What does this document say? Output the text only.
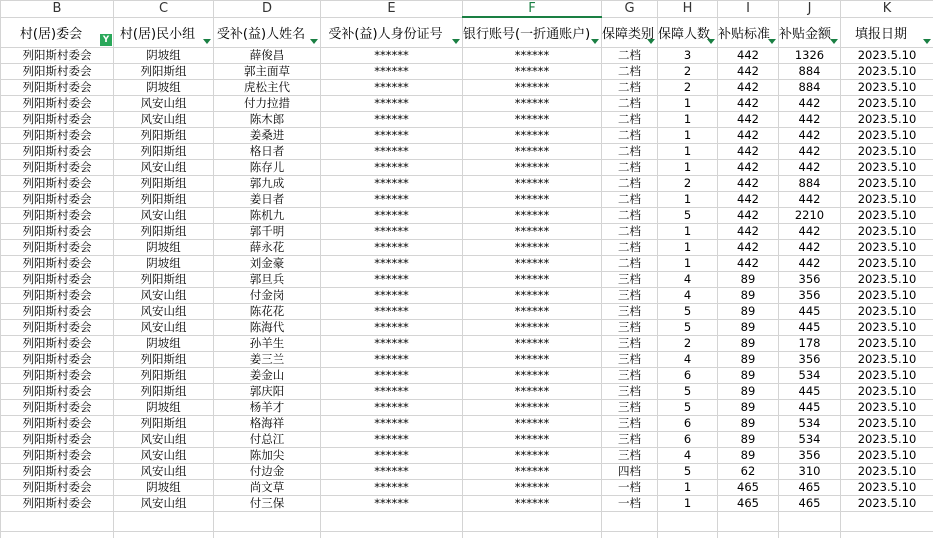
B	C	D	E	F	G	H	I	J	K

村(居)委会 Y	村(居)民小组	受补(益)人姓名	受补(益)人身份证号	银行账号(一折通账户)	保障类别	保障人数	补贴标准	补贴金额	填报日期

列阳斯村委会	阴坡组	薛俊昌	******	******	二档	3	442	1326	2023.5.10
列阳斯村委会	列阳斯组	郭主面草	******	******	二档	2	442	884	2023.5.10
列阳斯村委会	阴坡组	虎松主代	******	******	二档	2	442	884	2023.5.10
列阳斯村委会	风安山组	付力拉措	******	******	二档	1	442	442	2023.5.10
列阳斯村委会	风安山组	陈木郎	******	******	二档	1	442	442	2023.5.10
列阳斯村委会	列阳斯组	姜桑进	******	******	二档	1	442	442	2023.5.10
列阳斯村委会	列阳斯组	格日者	******	******	二档	1	442	442	2023.5.10
列阳斯村委会	风安山组	陈存儿	******	******	二档	1	442	442	2023.5.10
列阳斯村委会	列阳斯组	郭九成	******	******	二档	2	442	884	2023.5.10
列阳斯村委会	列阳斯组	姜日者	******	******	二档	1	442	442	2023.5.10
列阳斯村委会	风安山组	陈机九	******	******	二档	5	442	2210	2023.5.10
列阳斯村委会	列阳斯组	郭千明	******	******	二档	1	442	442	2023.5.10
列阳斯村委会	阴坡组	薛永花	******	******	二档	1	442	442	2023.5.10
列阳斯村委会	阴坡组	刘金豪	******	******	二档	1	442	442	2023.5.10
列阳斯村委会	列阳斯组	郭旦兵	******	******	三档	4	89	356	2023.5.10
列阳斯村委会	风安山组	付金岗	******	******	三档	4	89	356	2023.5.10
列阳斯村委会	风安山组	陈花花	******	******	三档	5	89	445	2023.5.10
列阳斯村委会	风安山组	陈海代	******	******	三档	5	89	445	2023.5.10
列阳斯村委会	阴坡组	孙羊生	******	******	三档	2	89	178	2023.5.10
列阳斯村委会	列阳斯组	姜三兰	******	******	三档	4	89	356	2023.5.10
列阳斯村委会	列阳斯组	姜金山	******	******	三档	6	89	534	2023.5.10
列阳斯村委会	列阳斯组	郭庆阳	******	******	三档	5	89	445	2023.5.10
列阳斯村委会	阴坡组	杨羊才	******	******	三档	5	89	445	2023.5.10
列阳斯村委会	列阳斯组	格海祥	******	******	三档	6	89	534	2023.5.10
列阳斯村委会	风安山组	付总江	******	******	三档	6	89	534	2023.5.10
列阳斯村委会	风安山组	陈加尖	******	******	三档	4	89	356	2023.5.10
列阳斯村委会	风安山组	付边金	******	******	四档	5	62	310	2023.5.10
列阳斯村委会	阴坡组	尚文草	******	******	一档	1	465	465	2023.5.10
列阳斯村委会	风安山组	付三保	******	******	一档	1	465	465	2023.5.10
